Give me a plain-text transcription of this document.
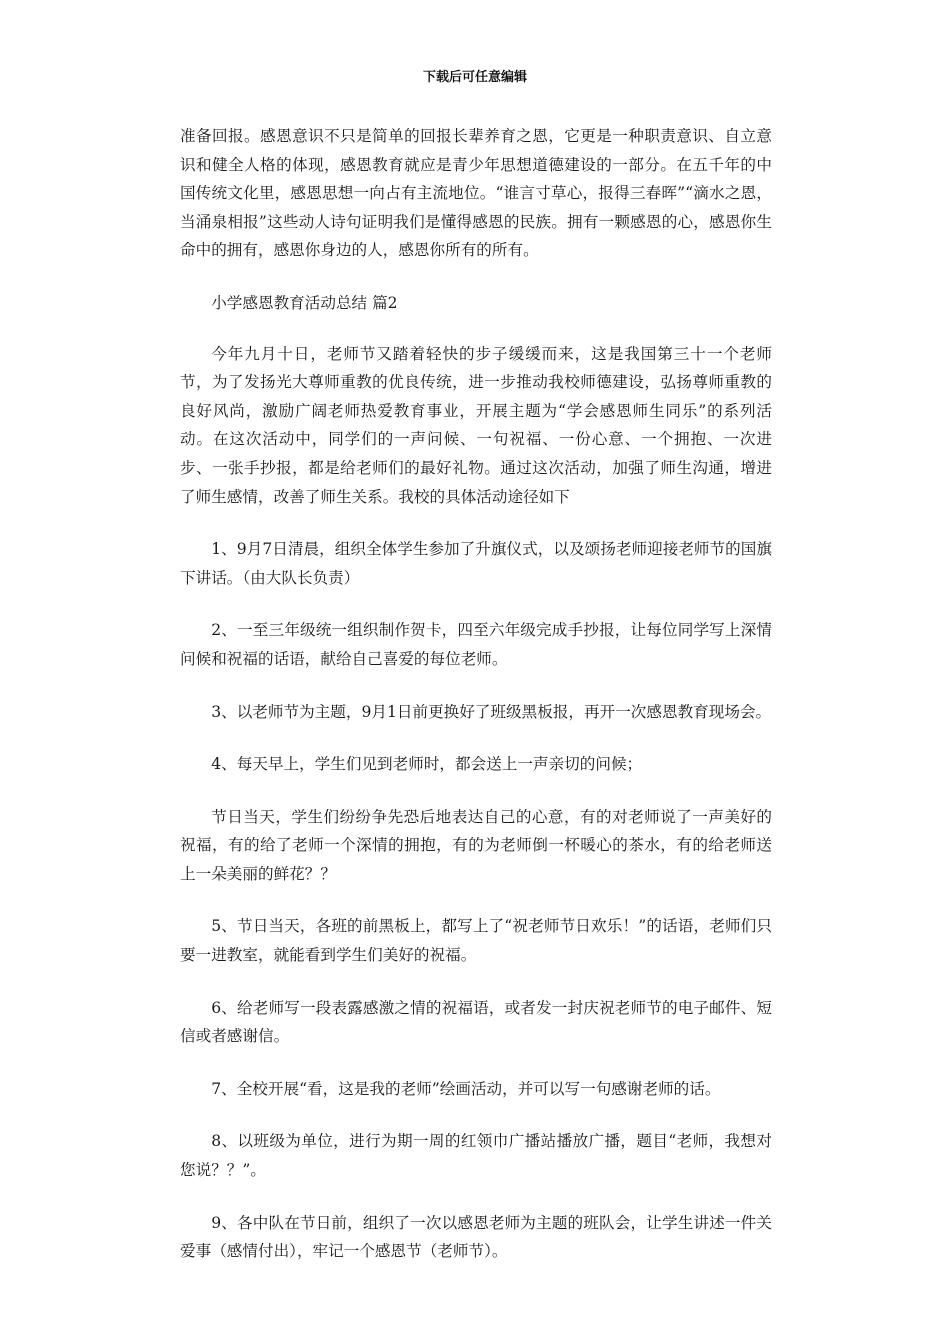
下载后可任意编辑

准备回报。感恩意识不只是简单的回报长辈养育之恩，它更是一种职责意识、自立意识和健全人格的体现，感恩教育就应是青少年思想道德建设的一部分。在五千年的中国传统文化里，感恩思想一向占有主流地位。“谁言寸草心，报得三春晖”“滴水之恩，当涌泉相报”这些动人诗句证明我们是懂得感恩的民族。拥有一颗感恩的心，感恩你生命中的拥有，感恩你身边的人，感恩你所有的所有。

小学感恩教育活动总结 篇2

今年九月十日，老师节又踏着轻快的步子缓缓而来，这是我国第三十一个老师节，为了发扬光大尊师重教的优良传统，进一步推动我校师德建设，弘扬尊师重教的良好风尚，激励广阔老师热爱教育事业，开展主题为“学会感恩师生同乐”的系列活动。在这次活动中，同学们的一声问候、一句祝福、一份心意、一个拥抱、一次进步、一张手抄报，都是给老师们的最好礼物。通过这次活动，加强了师生沟通，增进了师生感情，改善了师生关系。我校的具体活动途径如下

1、9月7日清晨，组织全体学生参加了升旗仪式，以及颂扬老师迎接老师节的国旗下讲话。（由大队长负责）

2、一至三年级统一组织制作贺卡，四至六年级完成手抄报，让每位同学写上深情问候和祝福的话语，献给自己喜爱的每位老师。

3、以老师节为主题，9月1日前更换好了班级黑板报，再开一次感恩教育现场会。

4、每天早上，学生们见到老师时，都会送上一声亲切的问候；

节日当天，学生们纷纷争先恐后地表达自己的心意，有的对老师说了一声美好的祝福，有的给了老师一个深情的拥抱，有的为老师倒一杯暖心的茶水，有的给老师送上一朵美丽的鲜花？？

5、节日当天，各班的前黑板上，都写上了“祝老师节日欢乐！”的话语，老师们只要一进教室，就能看到学生们美好的祝福。

6、给老师写一段表露感激之情的祝福语，或者发一封庆祝老师节的电子邮件、短信或者感谢信。

7、全校开展“看，这是我的老师”绘画活动，并可以写一句感谢老师的话。

8、以班级为单位，进行为期一周的红领巾广播站播放广播，题目“老师，我想对您说？？”。

9、各中队在节日前，组织了一次以感恩老师为主题的班队会，让学生讲述一件关爱事（感情付出），牢记一个感恩节（老师节）。
